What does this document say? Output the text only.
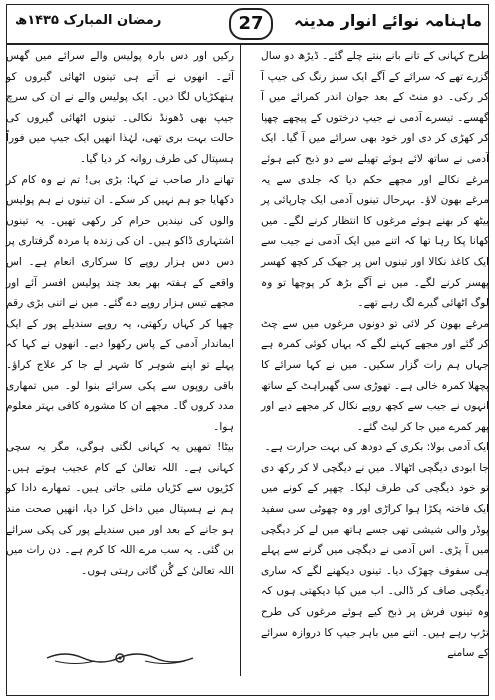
ماہنامہ نوائے انوار مدینہ
27
رمضان المبارک ۱۴۳۵ھ

طرح کہانی کے تانے بانے بنتے چلے گئے۔ ڈیڑھ دو سال گزرے تھے کہ سرائے کے آگے ایک سبز رنگ کی جیپ آ کر رکی۔ دو منٹ کے بعد جوان اندر کمرائے میں آ گھسے۔ تیسرے آدمی نے جیپ درختوں کے پیچھے چھپا کر کھڑی کر دی اور خود بھی سرائے میں آ گیا۔ ایک آدمی نے ساتھ لائے ہوئے تھیلے سے دو ذبح کیے ہوئے مرغے نکالے اور مجھے حکم دیا کہ جلدی سے یہ مرغے بھون لاؤ۔ بہرحال تینوں آدمی ایک چارپائی پر بیٹھ کر بھنے ہوئے مرغوں کا انتظار کرنے لگے۔ میں کھانا پکا رہا تھا کہ اتنے میں ایک آدمی نے جیب سے ایک کاغذ نکالا اور تینوں اس پر جھک کر کچھ کھسر پھسر کرنے لگے۔ میں نے آگے بڑھ کر پوچھا تو وہ لوگ اٹھائی گیرے لگ رہے تھے۔

مرغے بھون کر لائی تو دونوں مرغوں میں سے چٹ کر گئے اور مجھے کہنے لگے کہ یہاں کوئی کمرہ ہے جہاں ہم رات گزار سکیں۔ میں نے کہا سرائے کا پچھلا کمرہ خالی ہے۔ تھوڑی سی گھبراہٹ کے ساتھ انہوں نے جیب سے کچھ روپے نکال کر مجھے دیے اور پھر کمرے میں جا کر لیٹ گئے۔

ایک آدمی بولا: بکری کے دودھ کی بہت حرارت ہے۔

جا ابودی دیگچی اٹھالا۔ میں نے دیگچی لا کر رکھ دی تو خود دیگچی کی طرف لپکا۔ چھپر کے کونے میں ایک فاختہ پکڑا ہوا کراڑی اور وہ چھوٹی سی سفید پوڈر والی شیشی تھی جسے ہاتھ میں لے کر دیگچی میں آ پڑی۔ اس آدمی نے دیگچی میں گرنے سے پہلے ہی سفوف چھڑک دیا۔ تینوں دیکھنے لگے کہ ساری دیگچی صاف کر ڈالی۔ اب میں کیا دیکھتی ہوں کہ وہ تینوں فرش پر ذبح کیے ہوئے مرغوں کی طرح تڑپ رہے ہیں۔ اتنے میں باہر جیپ کا دروازہ سرائے کے سامنے

رکیں اور دس بارہ پولیس والے سرائے میں گھس آئے۔ انھوں نے آتے ہی تینوں اٹھائی گیروں کو ہتھکڑیاں لگا دیں۔ ایک پولیس والے نے ان کی سرچ جیپ بھی ڈھونڈ نکالی۔ تینوں اٹھائی گیروں کی حالت بہت بری تھی، لہٰذا انھیں ایک جیپ میں فوراً ہسپتال کی طرف روانہ کر دیا گیا۔

تھانے دار صاحب نے کہا: بڑی بی! تم نے وہ کام کر دکھایا جو ہم نہیں کر سکے۔ ان تینوں نے ہم پولیس والوں کی نیندیں حرام کر رکھی تھیں۔ یہ تینوں اشتہاری ڈاکو ہیں۔ ان کی زندہ یا مردہ گرفتاری پر دس دس ہزار روپے کا سرکاری انعام ہے۔ اس واقعے کے ہفتہ بھر بعد چند پولیس افسر آئے اور مجھے تیس ہزار روپے دے گئے۔ میں نے اتنی بڑی رقم چھپا کر کہاں رکھتی، یہ روپے سندیلے پور کے ایک ایماندار آدمی کے پاس رکھوا دیے۔ انھوں نے کہا کہ پہلے تو اپنے شوہر کا شہر لے جا کر علاج کراؤ۔ باقی روپوں سے پکی سرائے بنوا لو۔ میں تمھاری مدد کروں گا۔ مجھے ان کا مشورہ کافی بہتر معلوم ہوا۔

بیٹا! تمھیں یہ کہانی لگتی ہوگی، مگر یہ سچی کہانی ہے۔ اللہ تعالیٰ کے کام عجیب ہوتے ہیں۔ کڑیوں سے کڑیاں ملتی جاتی ہیں۔ تمھارے دادا کو ہم نے ہسپتال میں داخل کرا دیا، انھیں صحت مند ہو جانے کے بعد اور میں سندیلے پور کی پکی سرائے بن گئی۔ یہ سب مرے اللہ کا کرم ہے۔ دن رات میں اللہ تعالیٰ کے گُن گاتی رہتی ہوں۔
